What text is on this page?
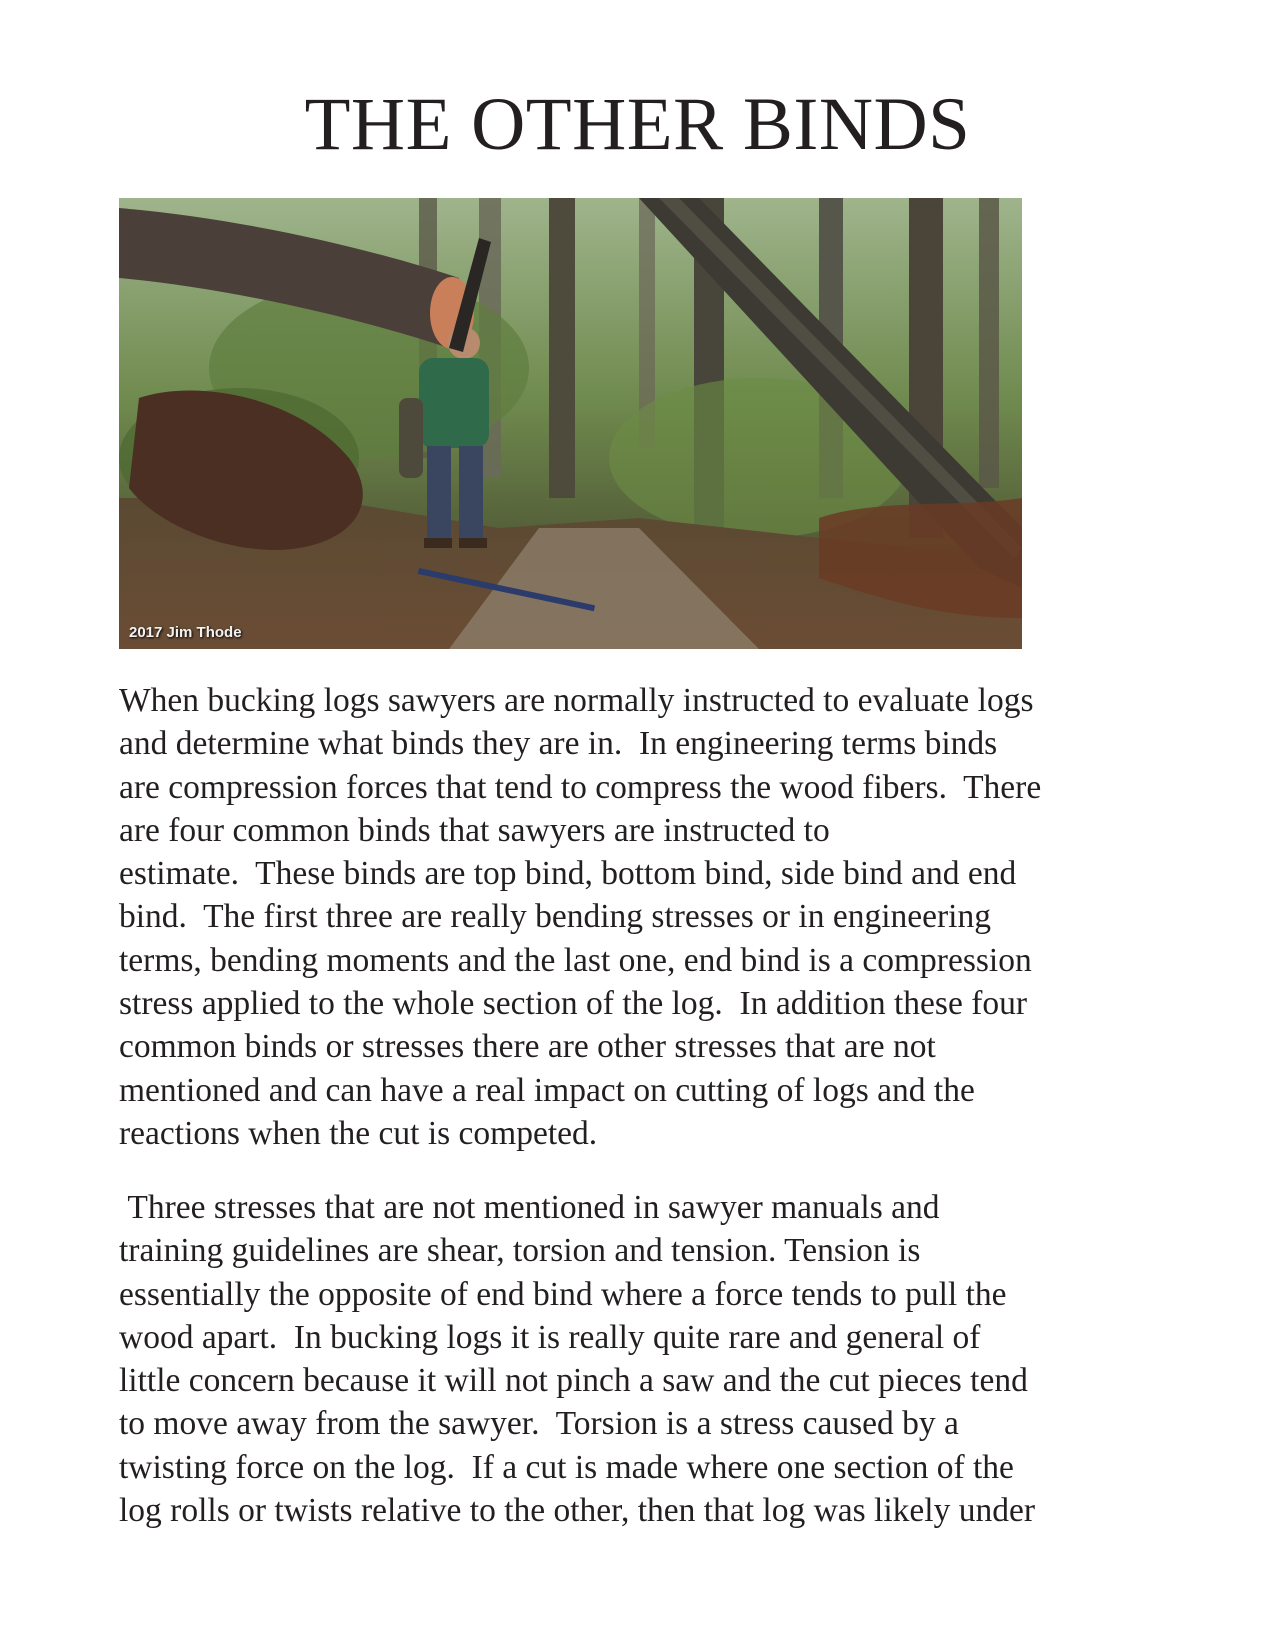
THE OTHER BINDS
2017 Jim Thode

When bucking logs sawyers are normally instructed to evaluate logs
and determine what binds they are in.  In engineering terms binds
are compression forces that tend to compress the wood fibers.  There
are four common binds that sawyers are instructed to
estimate.  These binds are top bind, bottom bind, side bind and end
bind.  The first three are really bending stresses or in engineering
terms, bending moments and the last one, end bind is a compression
stress applied to the whole section of the log.  In addition these four
common binds or stresses there are other stresses that are not
mentioned and can have a real impact on cutting of logs and the
reactions when the cut is competed.

Three stresses that are not mentioned in sawyer manuals and
training guidelines are shear, torsion and tension. Tension is
essentially the opposite of end bind where a force tends to pull the
wood apart.  In bucking logs it is really quite rare and general of
little concern because it will not pinch a saw and the cut pieces tend
to move away from the sawyer.  Torsion is a stress caused by a
twisting force on the log.  If a cut is made where one section of the
log rolls or twists relative to the other, then that log was likely under
